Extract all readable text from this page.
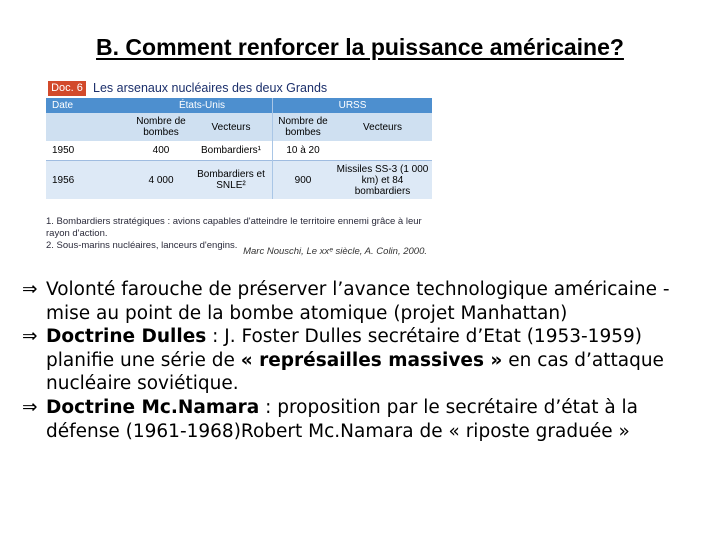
B. Comment renforcer la puissance américaine?
Doc. 6 Les arsenaux nucléaires des deux Grands
Date	États-Unis		URSS	
	Nombre de bombes	Vecteurs	Nombre de bombes	Vecteurs
1950	400	Bombardiers¹	10 à 20	
1956	4 000	Bombardiers et SNLE²	900	Missiles SS-3 (1 000 km) et 84 bombardiers
1. Bombardiers stratégiques : avions capables d'atteindre le territoire ennemi grâce à leur rayon d'action.
2. Sous-marins nucléaires, lanceurs d'engins.
Marc Nouschi, Le xxᵉ siècle, A. Colin, 2000.

⇒ Volonté farouche de préserver l’avance technologique américaine - mise au point de la bombe atomique (projet Manhattan)

⇒ Doctrine Dulles : J. Foster Dulles secrétaire d’Etat (1953-1959) planifie une série de « représailles massives » en cas d’attaque nucléaire soviétique.

⇒ Doctrine Mc.Namara : proposition par le secrétaire d’état à la défense (1961-1968)Robert Mc.Namara de « riposte graduée »
